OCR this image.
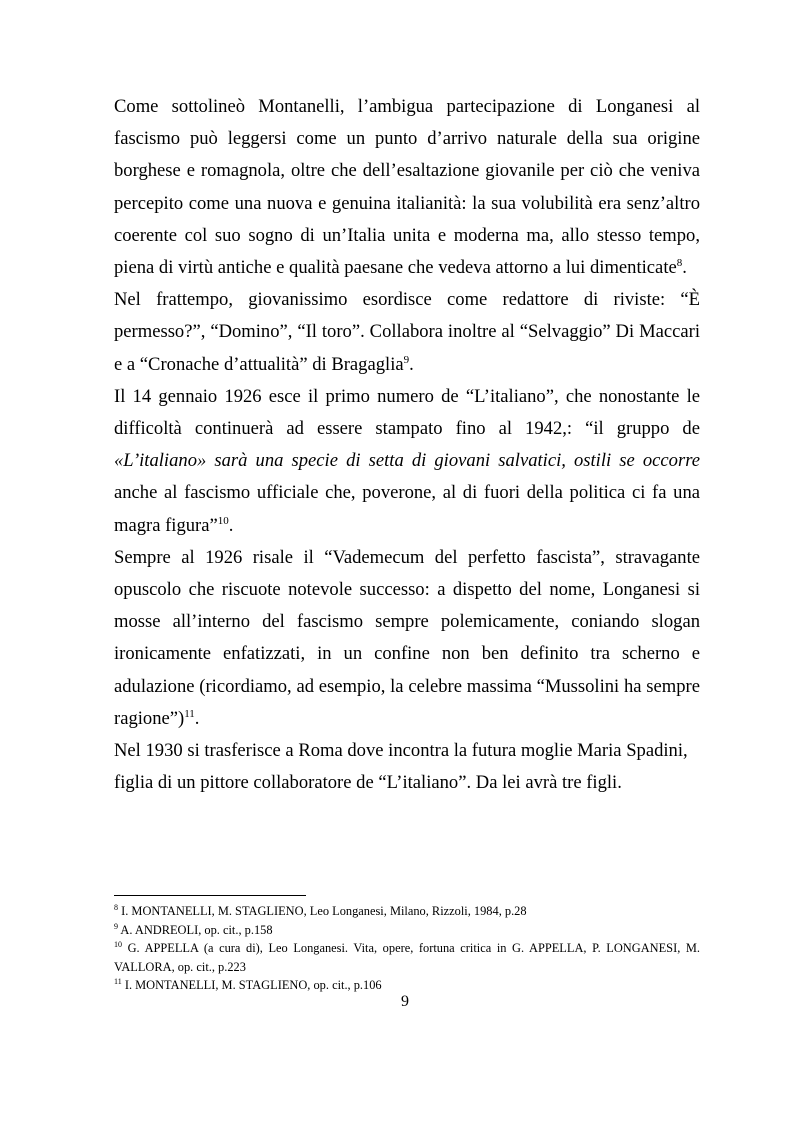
Come sottolineò Montanelli, l’ambigua partecipazione di Longanesi al fascismo può leggersi come un punto d’arrivo naturale della sua origine borghese e romagnola, oltre che dell’esaltazione giovanile per ciò che veniva percepito come una nuova e genuina italianità: la sua volubilità era senz’altro coerente col suo sogno di un’Italia unita e moderna ma, allo stesso tempo, piena di virtù antiche e qualità paesane che vedeva attorno a lui dimenticate$^8$.

Nel frattempo, giovanissimo esordisce come redattore di riviste: “È permesso?”, “Domino”, “Il toro”. Collabora inoltre al “Selvaggio” Di Maccari e a “Cronache d’attualità” di Bragaglia$^9$.

Il 14 gennaio 1926 esce il primo numero de “L’italiano”, che nonostante le difficoltà continuerà ad essere stampato fino al 1942,: “il gruppo de «L’italiano» sarà una specie di setta di giovani salvatici, ostili se occorre anche al fascismo ufficiale che, poverone, al di fuori della politica ci fa una magra figura”$^{10}$.

Sempre al 1926 risale il “Vademecum del perfetto fascista”, stravagante opuscolo che riscuote notevole successo: a dispetto del nome, Longanesi si mosse all’interno del fascismo sempre polemicamente, coniando slogan ironicamente enfatizzati, in un confine non ben definito tra scherno e adulazione (ricordiamo, ad esempio, la celebre massima “Mussolini ha sempre ragione”)$^{11}$.

Nel 1930 si trasferisce a Roma dove incontra la futura moglie Maria Spadini, figlia di un pittore collaboratore de “L’italiano”. Da lei avrà tre figli.

$^8$ I. MONTANELLI, M. STAGLIENO, Leo Longanesi, Milano, Rizzoli, 1984, p.28

$^9$ A. ANDREOLI, op. cit., p.158

$^{10}$ G. APPELLA (a cura di), Leo Longanesi. Vita, opere, fortuna critica in G. APPELLA, P. LONGANESI, M. VALLORA, op. cit., p.223

$^{11}$ I. MONTANELLI, M. STAGLIENO, op. cit., p.106

9
